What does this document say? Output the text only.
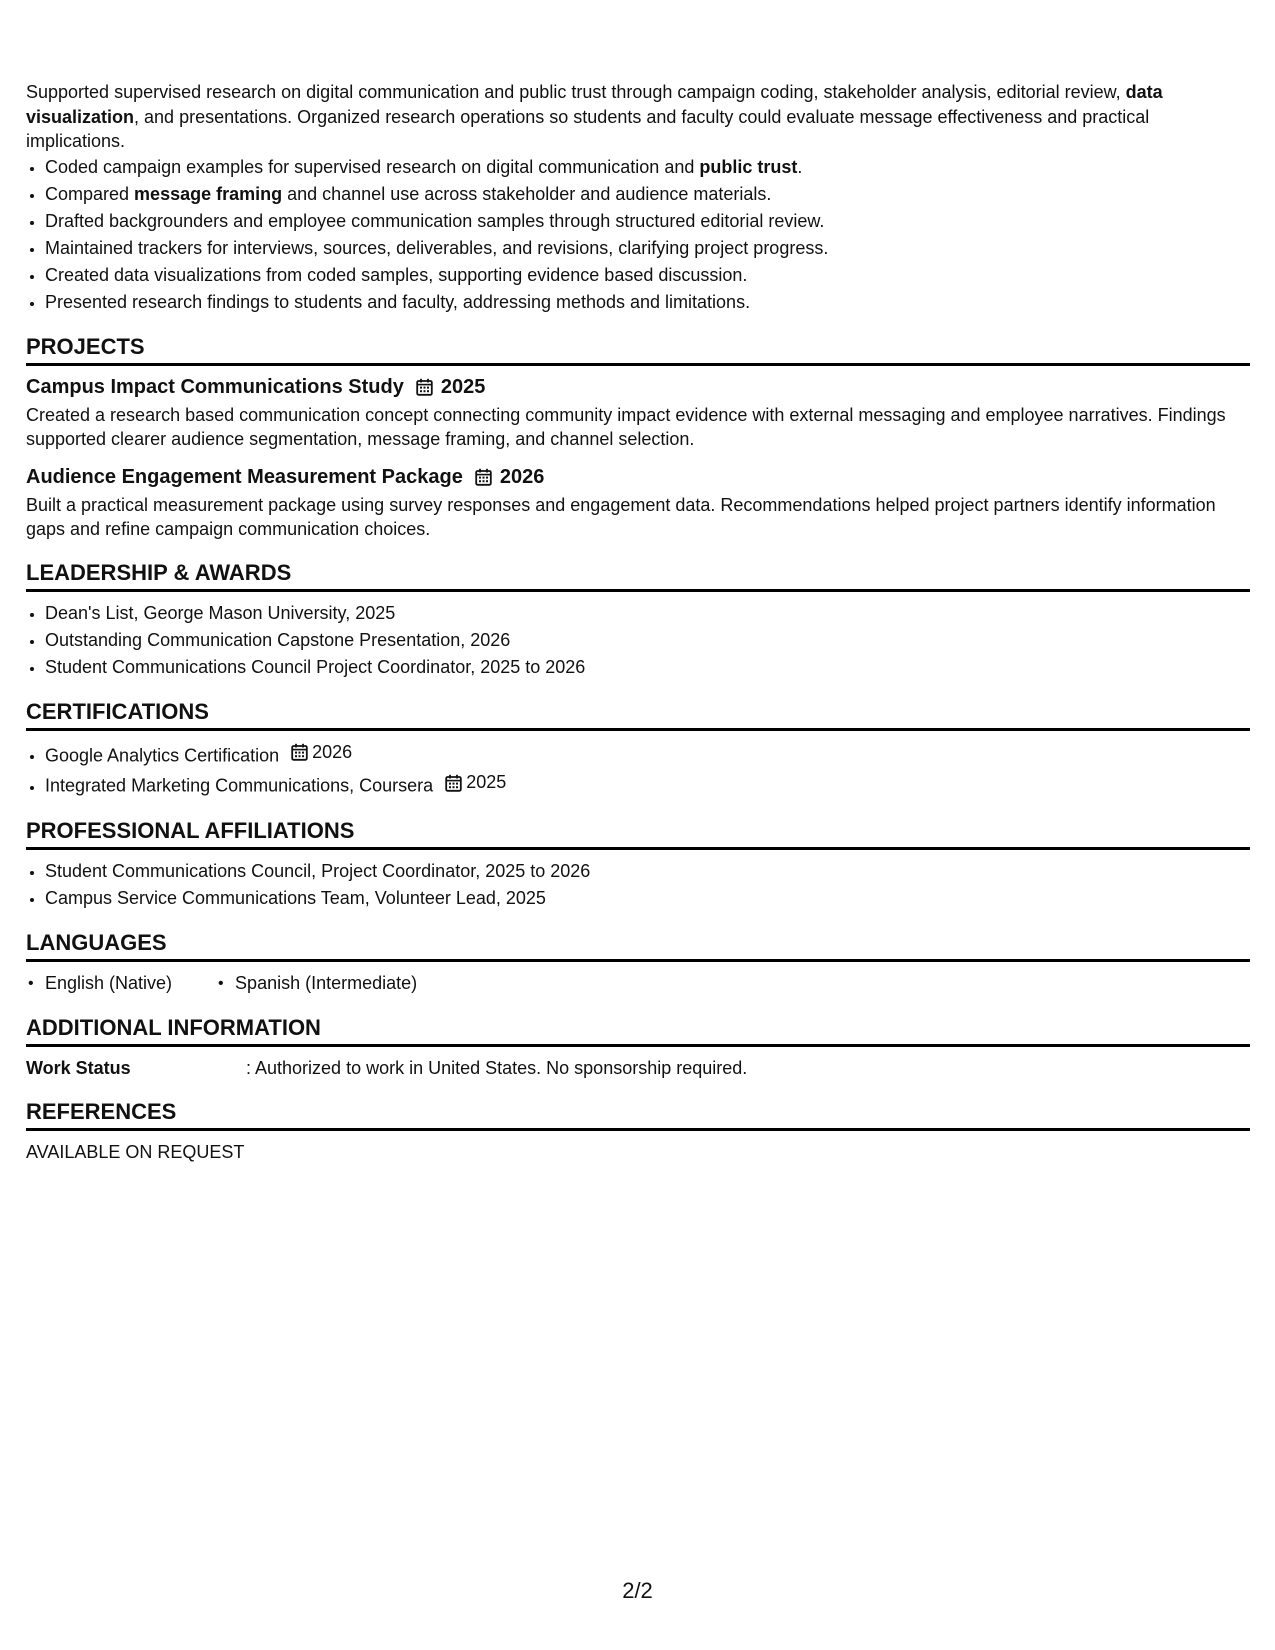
Supported supervised research on digital communication and public trust through campaign coding, stakeholder analysis, editorial review, data visualization, and presentations. Organized research operations so students and faculty could evaluate message effectiveness and practical implications.

• Coded campaign examples for supervised research on digital communication and public trust.
• Compared message framing and channel use across stakeholder and audience materials.
• Drafted backgrounders and employee communication samples through structured editorial review.
• Maintained trackers for interviews, sources, deliverables, and revisions, clarifying project progress.
• Created data visualizations from coded samples, supporting evidence based discussion.
• Presented research findings to students and faculty, addressing methods and limitations.
PROJECTS
Campus Impact Communications Study 2025

Created a research based communication concept connecting community impact evidence with external messaging and employee narratives. Findings supported clearer audience segmentation, message framing, and channel selection.

Audience Engagement Measurement Package 2026

Built a practical measurement package using survey responses and engagement data. Recommendations helped project partners identify information gaps and refine campaign communication choices.

LEADERSHIP & AWARDS
• Dean's List, George Mason University, 2025
• Outstanding Communication Capstone Presentation, 2026
• Student Communications Council Project Coordinator, 2025 to 2026
CERTIFICATIONS
• Google Analytics Certification 2026
• Integrated Marketing Communications, Coursera 2025
PROFESSIONAL AFFILIATIONS
• Student Communications Council, Project Coordinator, 2025 to 2026
• Campus Service Communications Team, Volunteer Lead, 2025
LANGUAGES
• English (Native)
•	Spanish (Intermediate)
ADDITIONAL INFORMATION
Work Status	: Authorized to work in United States. No sponsorship required.
REFERENCES
AVAILABLE ON REQUEST
2/2
